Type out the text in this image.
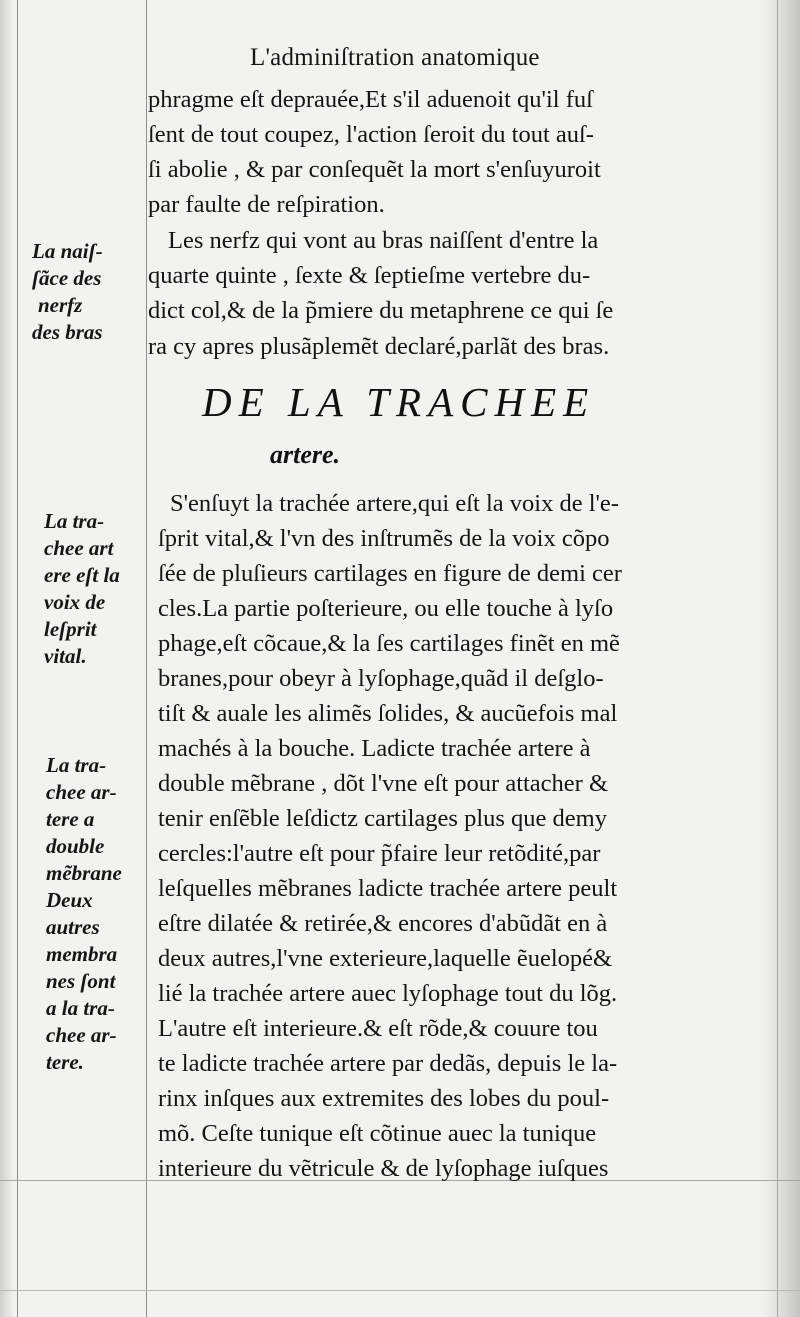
L'adminiſtration anatomique
phragme eſt deprauée,Et s'il aduenoit qu'il fuſ
ſent de tout coupez, l'action ſeroit du tout auſ-
ſi abolie , & par conſequẽt la mort s'enſuyuroit
par faulte de reſpiration.
Les nerfz qui vont au bras naiſſent d'entre la
quarte quinte , ſexte & ſeptieſme vertebre du-
dict col,& de la p̃miere du metaphrene ce qui ſe
ra cy apres plusãplemẽt declaré,parlãt des bras.
DE LA TRACHEE
artere.
S'enſuyt la trachée artere,qui eſt la voix de l'e-
ſprit vital,& l'vn des inſtrumẽs de la voix cõpo
ſée de pluſieurs cartilages en figure de demi cer
cles.La partie poſterieure, ou elle touche à lyſo
phage,eſt cõcaue,& la ſes cartilages finẽt en mẽ
branes,pour obeyr à lyſophage,quãd il deſglo-
tiſt & auale les alimẽs ſolides, & aucũefois mal
machés à la bouche. Ladicte trachée artere à
double mẽbrane , dõt l'vne eſt pour attacher &
tenir enſẽble leſdictz cartilages plus que demy
cercles:l'autre eſt pour p̃faire leur retõdité,par
leſquelles mẽbranes ladicte trachée artere peult
eſtre dilatée & retirée,& encores d'abũdãt en à
deux autres,l'vne exterieure,laquelle ẽuelopé&
lié la trachée artere auec lyſophage tout du lõg.
L'autre eſt interieure.& eſt rõde,& couure tou
te ladicte trachée artere par dedãs, depuis le la-
rinx inſques aux extremites des lobes du poul-
mõ. Ceſte tunique eſt cõtinue auec la tunique
interieure du vẽtricule & de lyſophage iuſques
La naiſ-
ſãce des
nerfz
des bras
La tra-
chee art
ere eſt la
voix de
leſprit
vital.
La tra-
chee ar-
tere a
double
mẽbrane
Deux
autres
membra
nes ſont
a la tra-
chee ar-
tere.
